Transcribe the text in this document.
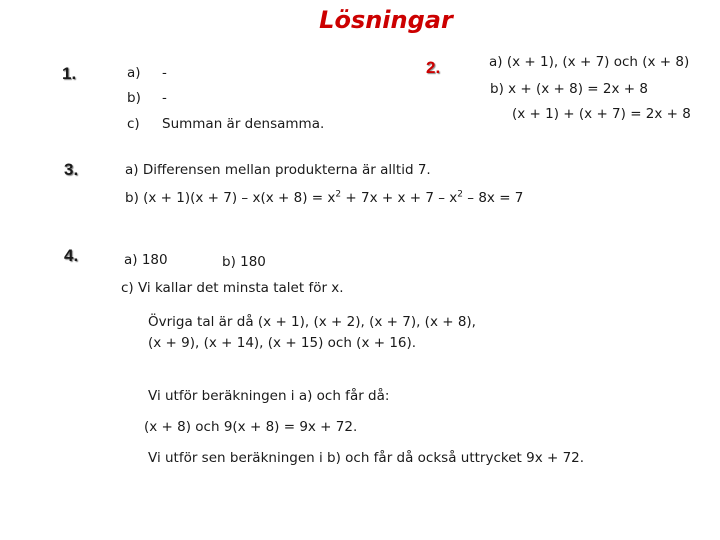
Lösningar
1.	a) -
b) -
c) Summan är densamma.
2.	a) (x + 1), (x + 7) och (x + 8)
b) x + (x + 8) = 2x + 8
(x + 1) + (x + 7) = 2x + 8
3.	a) Differensen mellan produkterna är alltid 7.
b) $(x + 1)(x + 7) - x(x + 8) = x^2 + 7x + x + 7 - x^2 - 8x = 7$
4.	a) 180	b) 180
c) Vi kallar det minsta talet för x.
Övriga tal är då (x + 1), (x + 2), (x + 7), (x + 8),
(x + 9), (x + 14), (x + 15) och (x + 16).
Vi utför beräkningen i a) och får då:
(x + 8) och 9(x + 8) = 9x + 72.
Vi utför sen beräkningen i b) och får då också uttrycket 9x + 72.
